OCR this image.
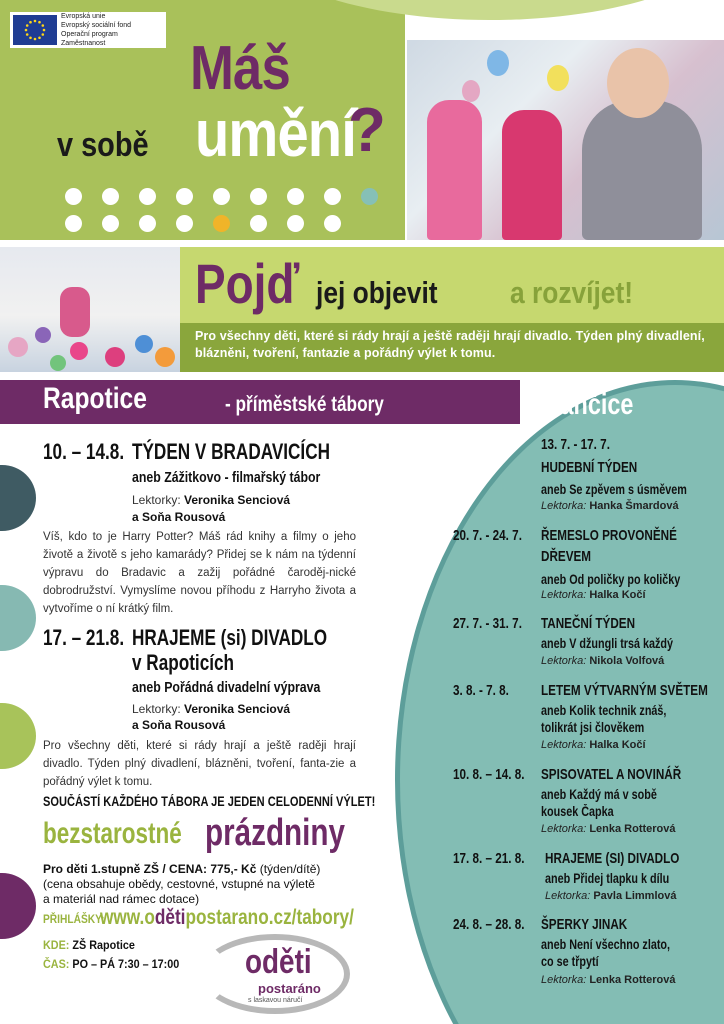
Evropská unie
Evropský sociální fond
Operační program Zaměstnanost	Máš
v sobě umění
?
Pojď jej objevit a rozvíjet!
Pro všechny děti, které si rády hrají a ještě raději hrají divadlo. Týden plný divadlení, blázněni, tvoření, fantazie a pořádný výlet k tomu.
Rapotice	- příměstské tábory
10. – 14.8. TÝDEN V BRADAVICÍCH
aneb Zážitkovo - filmařský tábor
Lektorky: Veronika Senciová
a Soňa Rousová
Víš, kdo to je Harry Potter? Máš rád knihy a filmy o jeho životě a životě s jeho kamarády? Přidej se k nám na týdenní výpravu do Bradavic a zažij pořádné čaroděj-nické dobrodružství. Vymyslíme novou příhodu z Harryho života a vytvoříme o ní krátký film.
17. – 21.8. HRAJEME (si) DIVADLO
v Rapoticích
aneb Pořádná divadelní výprava
Lektorky: Veronika Senciová
a Soňa Rousová
Pro všechny děti, které si rády hrají a ještě raději hrají divadlo. Týden plný divadlení, blázněni, tvoření, fanta-zie a pořádný výlet k tomu.
SOUČÁSTÍ KAŽDÉHO TÁBORA JE JEDEN CELODENNÍ VÝLET!
bezstarostné prázdniny
Pro děti 1.stupně ZŠ / CENA: 775,- Kč (týden/dítě)
(cena obsahuje obědy, cestovné, vstupné na výletě
a materiál nad rámec dotace)
PŘIHLÁŠKY:
www.odětipostarano.cz/tabory/
KDE: ZŠ Rapotice
ČAS: PO – PÁ 7:30 – 17:00 oděti
postaráno
s laskavou náručí
Ivančice
13. 7. - 17. 7.
HUDEBNÍ TÝDEN
aneb Se zpěvem s úsměvem
Lektorka: Hanka Šmardová
20. 7. - 24. 7. ŘEMESLO PROVONĚNÉ
DŘEVEM
aneb Od poličky po količky
Lektorka: Halka Kočí
27. 7. - 31. 7. TANEČNÍ TÝDEN
aneb V džungli trsá každý
Lektorka: Nikola Volfová
3. 8. - 7. 8. LETEM VÝTVARNÝM SVĚTEM
aneb Kolik technik znáš,
tolikrát jsi člověkem
Lektorka: Halka Kočí
10. 8. – 14. 8. SPISOVATEL A NOVINÁŘ
aneb Každý má v sobě
kousek Čapka
Lektorka: Lenka Rotterová
17. 8. – 21. 8. HRAJEME (SI) DIVADLO
aneb Přidej tlapku k dílu
Lektorka: Pavla Limmlová
24. 8. – 28. 8. ŠPERKY JINAK
aneb Není všechno zlato,
co se třpytí
Lektorka: Lenka Rotterová
